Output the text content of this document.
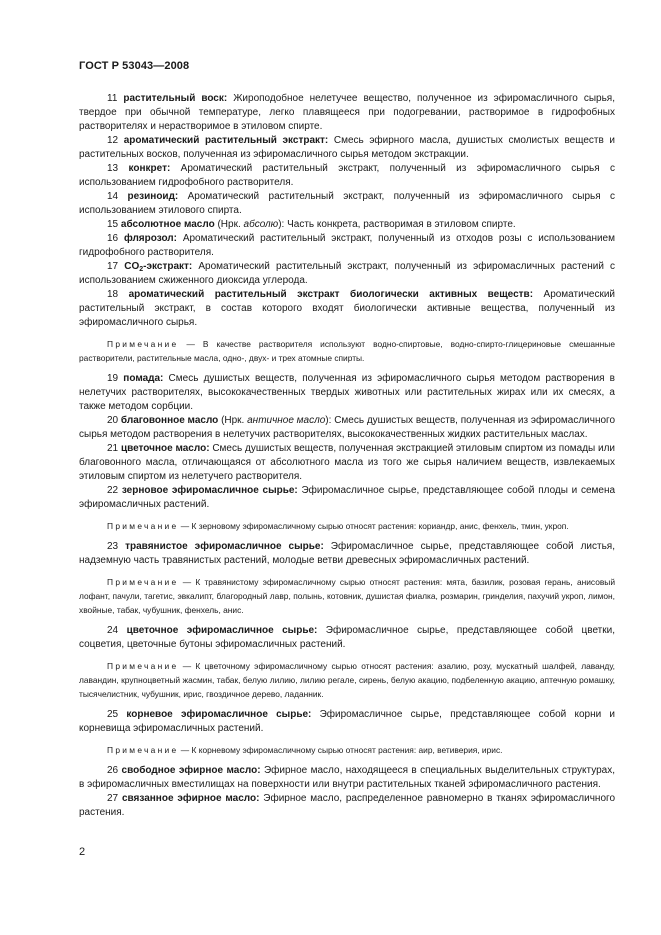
ГОСТ Р 53043—2008

11 растительный воск: Жироподобное нелетучее вещество, полученное из эфиромасличного сырья, твердое при обычной температуре, легко плавящееся при подогревании, растворимое в гидрофобных растворителях и нерастворимое в этиловом спирте.

12 ароматический растительный экстракт: Смесь эфирного масла, душистых смолистых веществ и растительных восков, полученная из эфиромасличного сырья методом экстракции.

13 конкрет: Ароматический растительный экстракт, полученный из эфиромасличного сырья с использованием гидрофобного растворителя.

14 резиноид: Ароматический растительный экстракт, полученный из эфиромасличного сырья с использованием этилового спирта.

15 абсолютное масло (Нрк. абсолю): Часть конкрета, растворимая в этиловом спирте.

16 флярозол: Ароматический растительный экстракт, полученный из отходов розы с использованием гидрофобного растворителя.

17 $CO_2$-экстракт: Ароматический растительный экстракт, полученный из эфиромасличных растений с использованием сжиженного диоксида углерода.

18 ароматический растительный экстракт биологически активных веществ: Ароматический растительный экстракт, в состав которого входят биологически активные вещества, полученный из эфиромасличного сырья.

Примечание — В качестве растворителя используют водно-спиртовые, водно-спирто-глицериновые смешанные растворители, растительные масла, одно-, двух- и трех атомные спирты.

19 помада: Смесь душистых веществ, полученная из эфиромасличного сырья методом растворения в нелетучих растворителях, высококачественных твердых животных или растительных жирах или их смесях, а также методом сорбции.

20 благовонное масло (Нрк. античное масло): Смесь душистых веществ, полученная из эфиромасличного сырья методом растворения в нелетучих растворителях, высококачественных жидких растительных маслах.

21 цветочное масло: Смесь душистых веществ, полученная экстракцией этиловым спиртом из помады или благовонного масла, отличающаяся от абсолютного масла из того же сырья наличием веществ, извлекаемых этиловым спиртом из нелетучего растворителя.

22 зерновое эфиромасличное сырье: Эфиромасличное сырье, представляющее собой плоды и семена эфиромасличных растений.

Примечание — К зерновому эфиромасличному сырью относят растения: кориандр, анис, фенхель, тмин, укроп.

23 травянистое эфиромасличное сырье: Эфиромасличное сырье, представляющее собой листья, надземную часть травянистых растений, молодые ветви древесных эфиромасличных растений.

Примечание — К травянистому эфиромасличному сырью относят растения: мята, базилик, розовая герань, анисовый лофант, пачули, тагетис, эвкалипт, благородный лавр, полынь, котовник, душистая фиалка, розмарин, гринделия, пахучий укроп, лимон, хвойные, табак, чубушник, фенхель, анис.

24 цветочное эфиромасличное сырье: Эфиромасличное сырье, представляющее собой цветки, соцветия, цветочные бутоны эфиромасличных растений.

Примечание — К цветочному эфиромасличному сырью относят растения: азалию, розу, мускатный шалфей, лаванду, лавандин, крупноцветный жасмин, табак, белую лилию, лилию регале, сирень, белую акацию, подбеленную акацию, аптечную ромашку, тысячелистник, чубушник, ирис, гвоздичное дерево, ладанник.

25 корневое эфиромасличное сырье: Эфиромасличное сырье, представляющее собой корни и корневища эфиромасличных растений.

Примечание — К корневому эфиромасличному сырью относят растения: аир, ветиверия, ирис.

26 свободное эфирное масло: Эфирное масло, находящееся в специальных выделительных структурах, в эфиромасличных вместилищах на поверхности или внутри растительных тканей эфиромасличного растения.

27 связанное эфирное масло: Эфирное масло, распределенное равномерно в тканях эфиромасличного растения.

2
